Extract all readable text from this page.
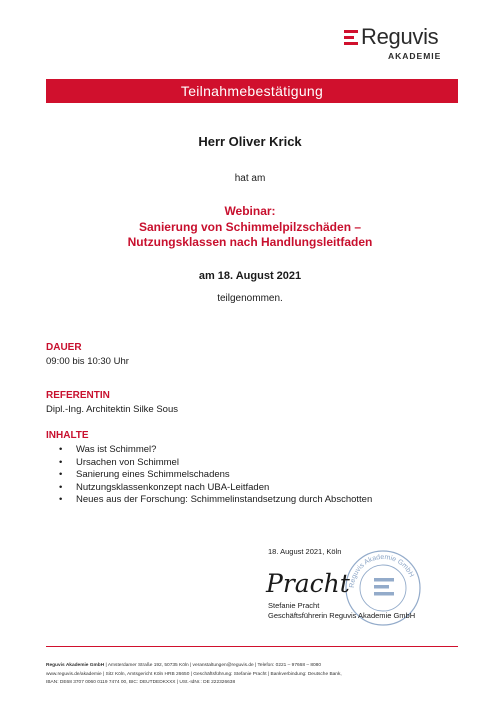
Reguvis
AKADEMIE
Teilnahmebestätigung
Herr Oliver Krick
hat am
Webinar:
Sanierung von Schimmelpilzschäden –
Nutzungsklassen nach Handlungsleitfaden
am 18. August 2021
teilgenommen.
DAUER
09:00 bis 10:30 Uhr
REFERENTIN
Dipl.-Ing. Architektin Silke Sous
INHALTE
• Was ist Schimmel?
• Ursachen von Schimmel
• Sanierung eines Schimmelschadens
• Nutzungsklassenkonzept nach UBA-Leitfaden
• Neues aus der Forschung: Schimmelinstandsetzung durch Abschotten
18. August 2021, Köln
Reguvis Akademie GmbH
Pracht
Stefanie Pracht
Geschäftsführerin Reguvis Akademie GmbH
Reguvis Akademie GmbH | Amsterdamer Straße 192, 50735 Köln | veranstaltungen@reguvis.de | Telefon: 0221 – 97668 – 8080
www.reguvis.de/akademie | Sitz Köln, Amtsgericht Köln HRB 26650 | Geschäftsführung: Stefanie Pracht | Bankverbindung: Deutsche Bank,
IBAN: DE68 3707 0060 0119 7474 00, BIC: DEUTDEDKXXX | USt.-IdNr.: DE 222326638
